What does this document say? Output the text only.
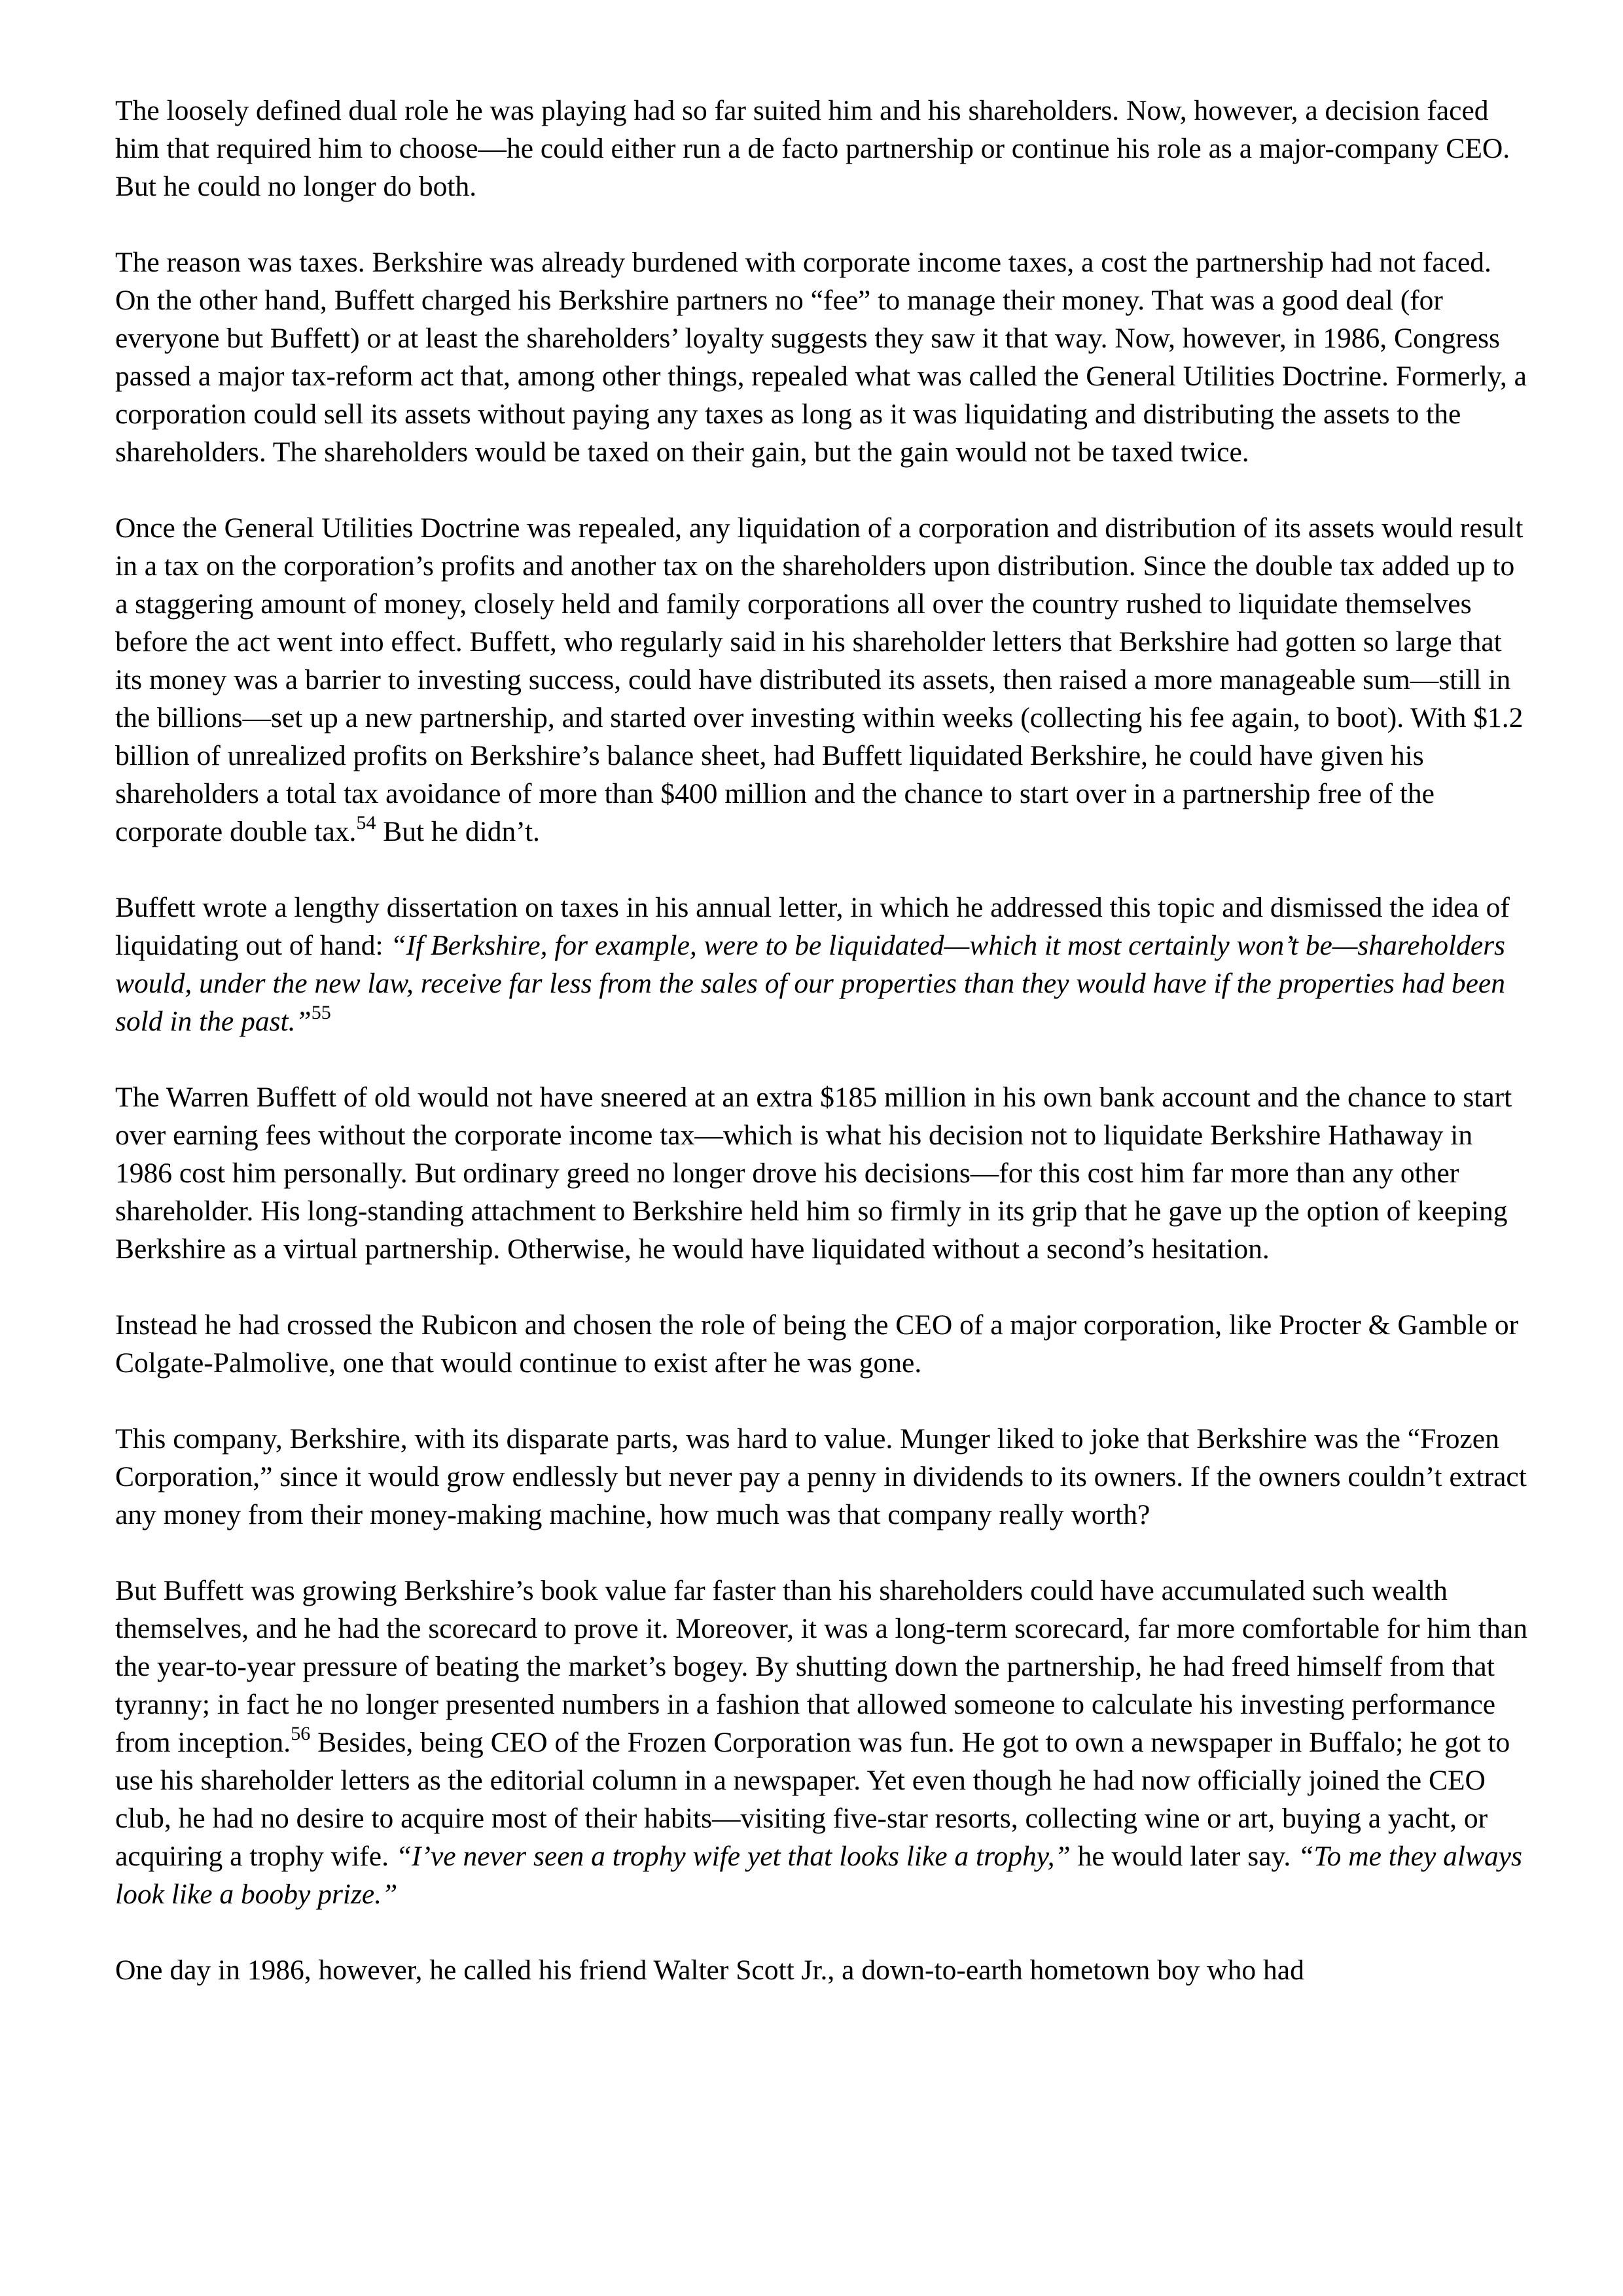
The loosely defined dual role he was playing had so far suited him and his shareholders. Now, however, a decision faced him that required him to choose—he could either run a de facto partnership or continue his role as a major-company CEO. But he could no longer do both.

The reason was taxes. Berkshire was already burdened with corporate income taxes, a cost the partnership had not faced. On the other hand, Buffett charged his Berkshire partners no “fee” to manage their money. That was a good deal (for everyone but Buffett) or at least the shareholders’ loyalty suggests they saw it that way. Now, however, in 1986, Congress passed a major tax-reform act that, among other things, repealed what was called the General Utilities Doctrine. Formerly, a corporation could sell its assets without paying any taxes as long as it was liquidating and distributing the assets to the shareholders. The shareholders would be taxed on their gain, but the gain would not be taxed twice.

Once the General Utilities Doctrine was repealed, any liquidation of a corporation and distribution of its assets would result in a tax on the corporation’s profits and another tax on the shareholders upon distribution. Since the double tax added up to a staggering amount of money, closely held and family corporations all over the country rushed to liquidate themselves before the act went into effect. Buffett, who regularly said in his shareholder letters that Berkshire had gotten so large that its money was a barrier to investing success, could have distributed its assets, then raised a more manageable sum—still in the billions—set up a new partnership, and started over investing within weeks (collecting his fee again, to boot). With $1.2 billion of unrealized profits on Berkshire’s balance sheet, had Buffett liquidated Berkshire, he could have given his shareholders a total tax avoidance of more than $400 million and the chance to start over in a partnership free of the corporate double tax.$^{54}$ But he didn’t.

Buffett wrote a lengthy dissertation on taxes in his annual letter, in which he addressed this topic and dismissed the idea of liquidating out of hand: “If Berkshire, for example, were to be liquidated—which it most certainly won’t be—shareholders would, under the new law, receive far less from the sales of our properties than they would have if the properties had been sold in the past.”$^{55}$

The Warren Buffett of old would not have sneered at an extra $185 million in his own bank account and the chance to start over earning fees without the corporate income tax—which is what his decision not to liquidate Berkshire Hathaway in 1986 cost him personally. But ordinary greed no longer drove his decisions—for this cost him far more than any other shareholder. His long-standing attachment to Berkshire held him so firmly in its grip that he gave up the option of keeping Berkshire as a virtual partnership. Otherwise, he would have liquidated without a second’s hesitation.

Instead he had crossed the Rubicon and chosen the role of being the CEO of a major corporation, like Procter & Gamble or Colgate-Palmolive, one that would continue to exist after he was gone.

This company, Berkshire, with its disparate parts, was hard to value. Munger liked to joke that Berkshire was the “Frozen Corporation,” since it would grow endlessly but never pay a penny in dividends to its owners. If the owners couldn’t extract any money from their money-making machine, how much was that company really worth?

But Buffett was growing Berkshire’s book value far faster than his shareholders could have accumulated such wealth themselves, and he had the scorecard to prove it. Moreover, it was a long-term scorecard, far more comfortable for him than the year-to-year pressure of beating the market’s bogey. By shutting down the partnership, he had freed himself from that tyranny; in fact he no longer presented numbers in a fashion that allowed someone to calculate his investing performance from inception.$^{56}$ Besides, being CEO of the Frozen Corporation was fun. He got to own a newspaper in Buffalo; he got to use his shareholder letters as the editorial column in a newspaper. Yet even though he had now officially joined the CEO club, he had no desire to acquire most of their habits—visiting five-star resorts, collecting wine or art, buying a yacht, or acquiring a trophy wife. “I’ve never seen a trophy wife yet that looks like a trophy,” he would later say. “To me they always look like a booby prize.”

One day in 1986, however, he called his friend Walter Scott Jr., a down-to-earth hometown boy who had
